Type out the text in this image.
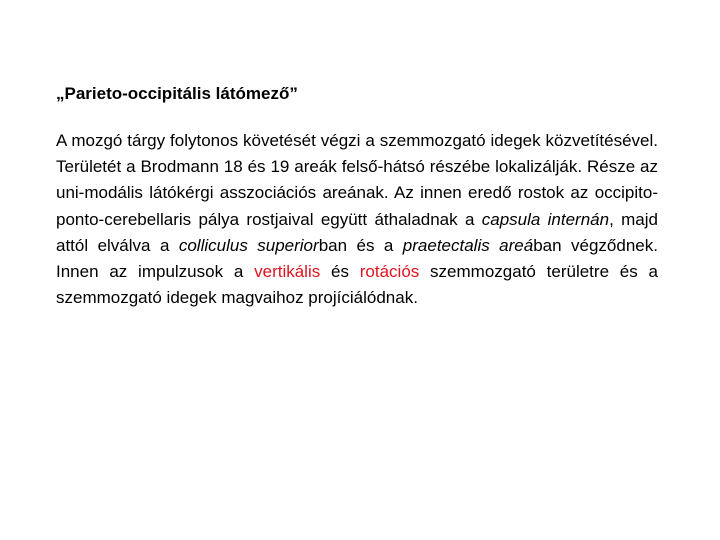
„Parieto-occipitális látómező”

A mozgó tárgy folytonos követését végzi a szemmozgató idegek közvetítésével. Területét a Brodmann 18 és 19 areák felső-hátsó részébe lokalizálják. Része az uni-modális látókérgi asszociációs areának. Az innen eredő rostok az occipito-ponto-cerebellaris pálya rostjaival együtt áthaladnak a capsula internán, majd attól elválva a colliculus superiorban és a praetectalis areában végződnek. Innen az impulzusok a vertikális és rotációs szemmozgató területre és a szemmozgató idegek magvaihoz projíciálódnak.
